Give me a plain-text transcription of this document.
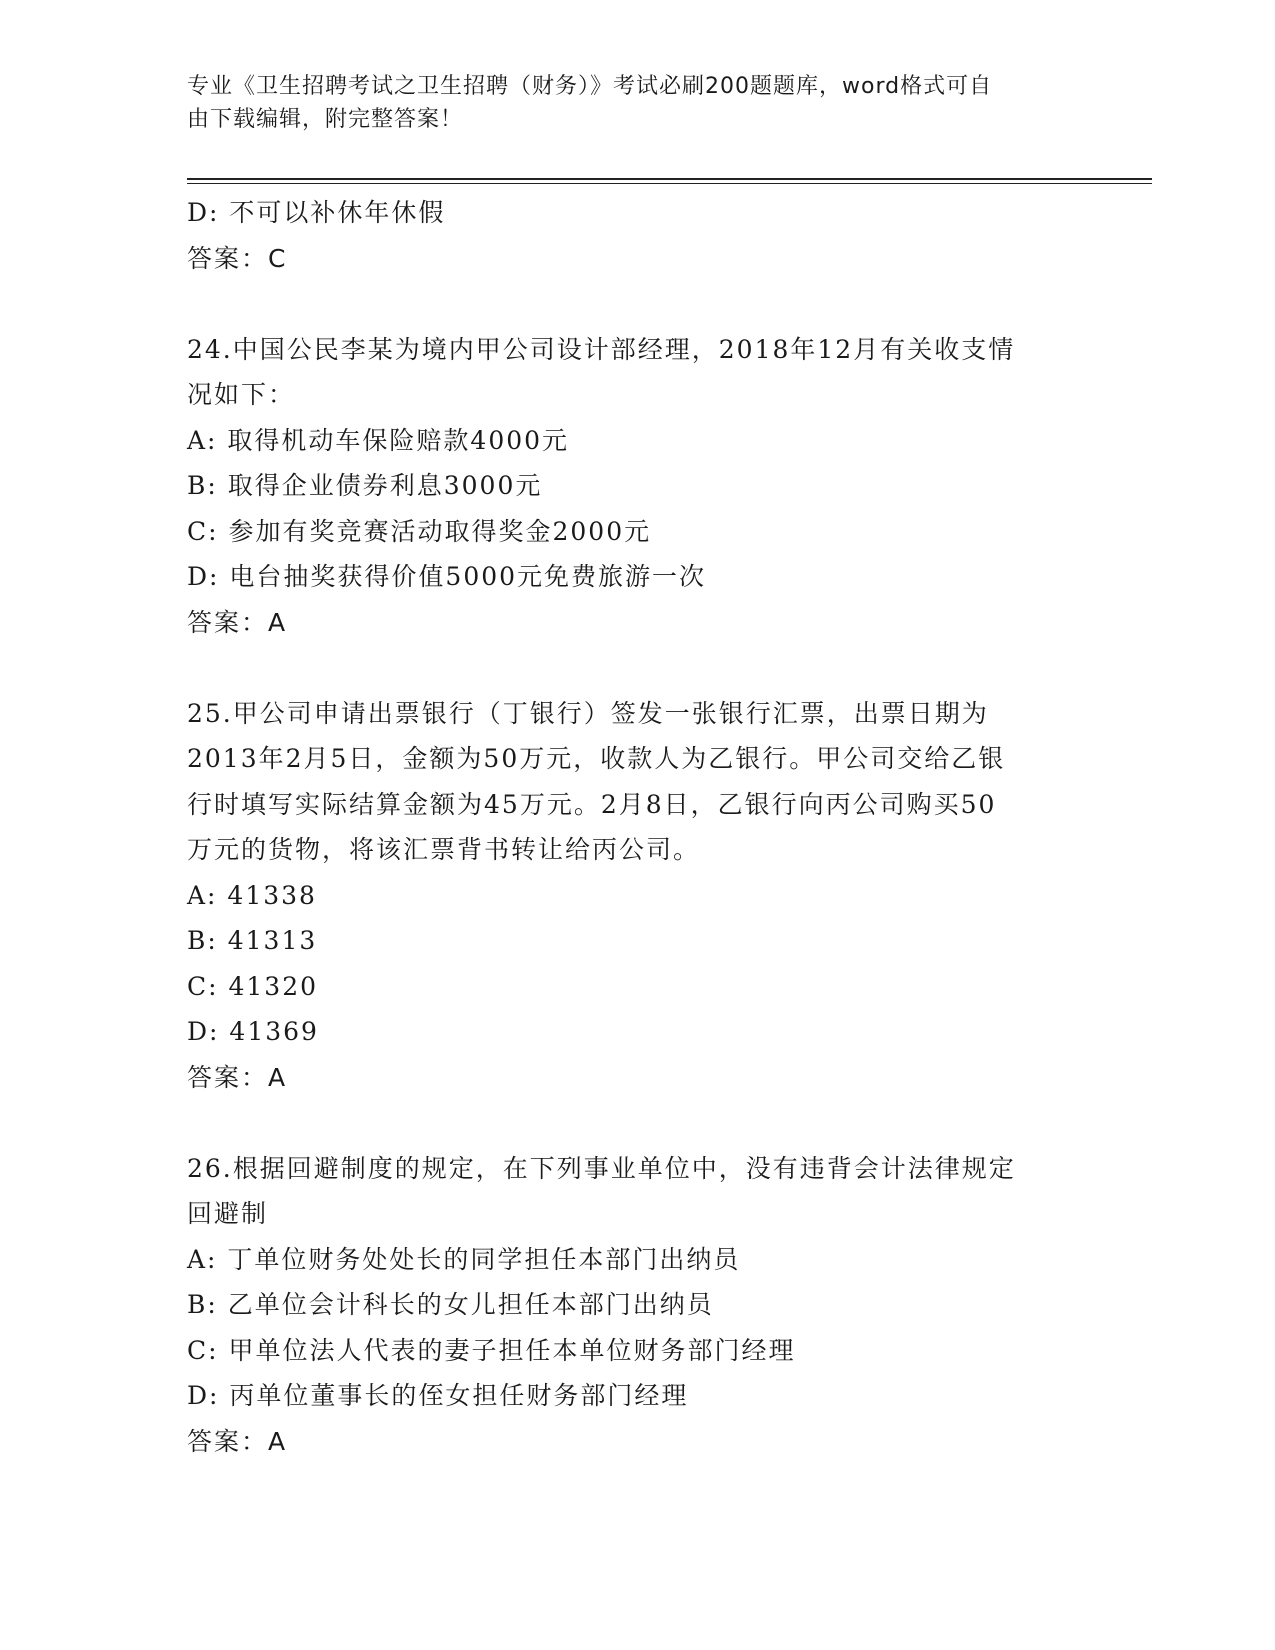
专业《卫生招聘考试之卫生招聘（财务）》考试必刷200题题库，word格式可自
由下载编辑，附完整答案！

D: 不可以补休年休假

答案：C

24.中国公民李某为境内甲公司设计部经理，2018年12月有关收支情

况如下：

A: 取得机动车保险赔款4000元

B: 取得企业债券利息3000元

C: 参加有奖竞赛活动取得奖金2000元

D: 电台抽奖获得价值5000元免费旅游一次

答案：A

25.甲公司申请出票银行（丁银行）签发一张银行汇票，出票日期为

2013年2月5日，金额为50万元，收款人为乙银行。甲公司交给乙银

行时填写实际结算金额为45万元。2月8日，乙银行向丙公司购买50

万元的货物，将该汇票背书转让给丙公司。

A: 41338

B: 41313

C: 41320

D: 41369

答案：A

26.根据回避制度的规定，在下列事业单位中，没有违背会计法律规定

回避制

A: 丁单位财务处处长的同学担任本部门出纳员

B: 乙单位会计科长的女儿担任本部门出纳员

C: 甲单位法人代表的妻子担任本单位财务部门经理

D: 丙单位董事长的侄女担任财务部门经理

答案：A
